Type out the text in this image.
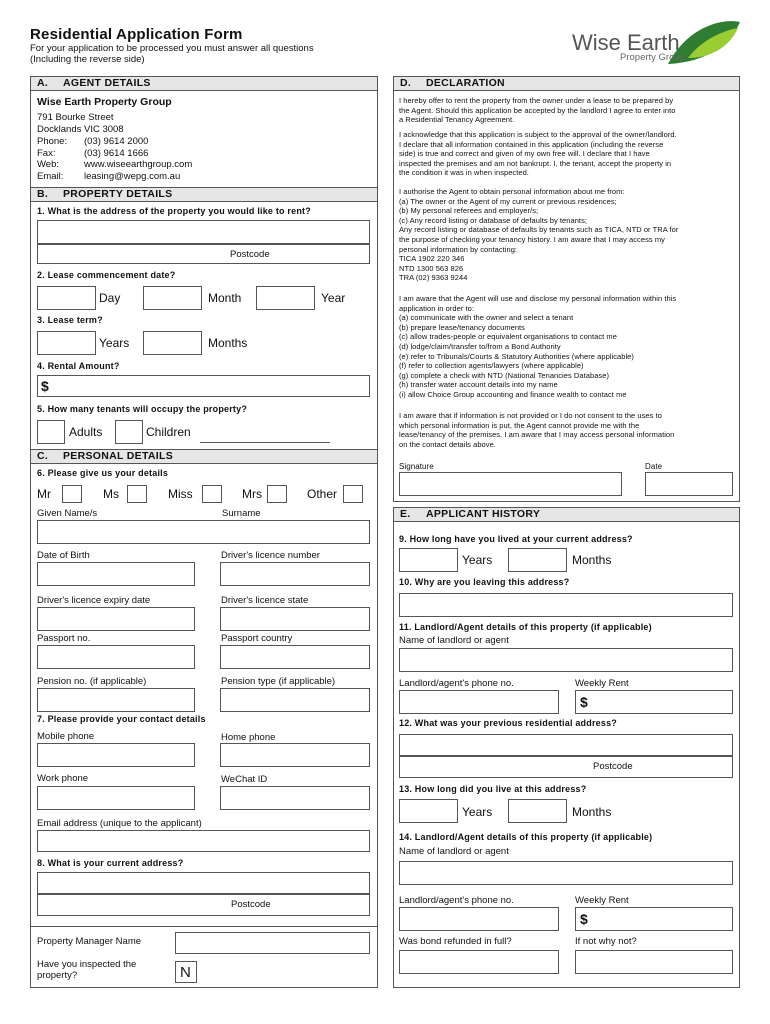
Residential Application Form
For your application to be processed you must answer all questions
(Including the reverse side)
Wise Earth
Property Group
A. AGENT DETAILS
Wise Earth Property Group
791 Bourke Street
Docklands VIC 3008
Phone: (03) 9614 2000
Fax:	(03) 9614 1666
Web:	www.wiseearthgroup.com
Email: leasing@wepg.com.au
B. PROPERTY DETAILS
1. What is the address of the property you would like to rent?
Postcode
2. Lease commencement date?
Day	Month	Year
3. Lease term?
Years	Months
4. Rental Amount?
$
5. How many tenants will occupy the property?
Adults	Children
C. PERSONAL DETAILS
6. Please give us your details
Mr	Ms	Miss	Mrs	Other
Given Name/s	Surname
Date of Birth	Driver's licence number
Driver's licence expiry date	Driver's licence state
Passport no.	Passport country
Pension no. (if applicable)	Pension type (if applicable)
7. Please provide your contact details
Mobile phone	Home phone
Work phone	WeChat ID
Email address (unique to the applicant)
8. What is your current address?
Postcode
Property Manager Name
Have you inspected the
property?	N
D. DECLARATION
I hereby offer to rent the property from the owner under a lease to be prepared by
the Agent. Should this application be accepted by the landlord I agree to enter into
a Residential Tenancy Agreement.
I acknowledge that this application is subject to the approval of the owner/landlord.
I declare that all information contained in this application (including the reverse
side) is true and correct and given of my own free will. I declare that I have
inspected the premises and am not bankrupt. I, the tenant, accept the property in
the condition it was in when inspected.
I authorise the Agent to obtain personal information about me from:
(a) The owner or the Agent of my current or previous residences;
(b) My personal referees and employer/s;
(c) Any record listing or database of defaults by tenants;
Any record listing or database of defaults by tenants such as TICA, NTD or TRA for
the purpose of checking your tenancy history. I am aware that I may access my
personal information by contacting:
TICA 1902 220 346
NTD 1300 563 826
TRA (02) 9363 9244
I am aware that the Agent will use and disclose my personal information within this
application in order to:
(a) communicate with the owner and select a tenant
(b) prepare lease/tenancy documents
(c) allow trades-people or equivalent organisations to contact me
(d) lodge/claim/transfer to/from a Bond Authority
(e) refer to Tribunals/Courts & Statutory Authorities (where applicable)
(f) refer to collection agents/lawyers (where applicable)
(g) complete a check with NTD (National Tenancies Database)
(h) transfer water account details into my name
(i) allow Choice Group accounting and finance wealth to contact me
I am aware that if information is not provided or I do not consent to the uses to
which personal information is put, the Agent cannot provide me with the
lease/tenancy of the premises. I am aware that I may access personal information
on the contact details above.
Signature	Date
E. APPLICANT HISTORY
9. How long have you lived at your current address?
Years	Months
10. Why are you leaving this address?
11. Landlord/Agent details of this property (if applicable)
Name of landlord or agent
Landlord/agent's phone no.	Weekly Rent
$
12. What was your previous residential address?
Postcode
13. How long did you live at this address?
Years	Months
14. Landlord/Agent details of this property (if applicable)
Name of landlord or agent
Landlord/agent's phone no.	Weekly Rent
$
Was bond refunded in full?	If not why not?
